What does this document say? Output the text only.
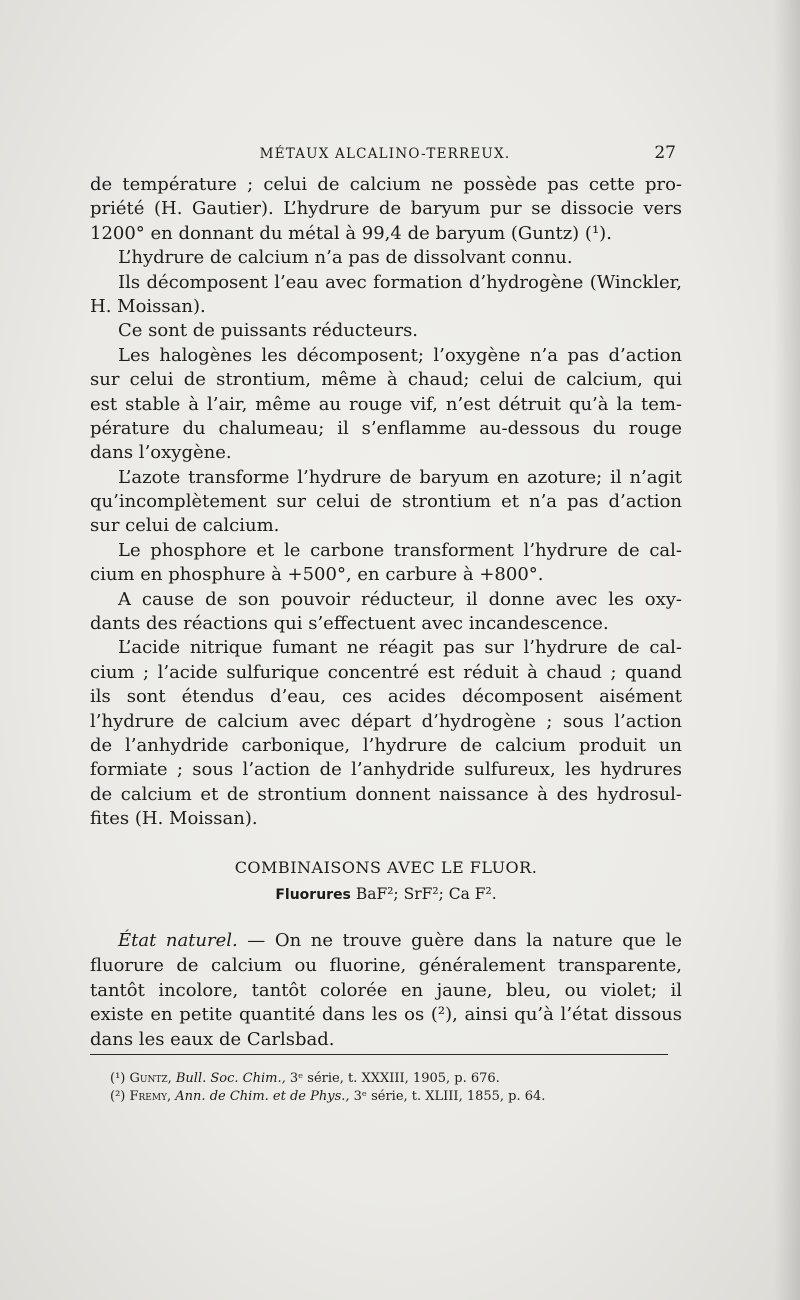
MÉTAUX ALCALINO-TERREUX.	27
de température ; celui de calcium ne possède pas cette pro-
priété (H. Gautier). L’hydrure de baryum pur se dissocie vers
1200° en donnant du métal à 99,4 de baryum (Guntz) (¹).
L’hydrure de calcium n’a pas de dissolvant connu.
Ils décomposent l’eau avec formation d’hydrogène (Winckler,
H. Moissan).
Ce sont de puissants réducteurs.
Les halogènes les décomposent; l’oxygène n’a pas d’action
sur celui de strontium, même à chaud; celui de calcium, qui
est stable à l’air, même au rouge vif, n’est détruit qu’à la tem-
pérature du chalumeau; il s’enflamme au-dessous du rouge
dans l’oxygène.
L’azote transforme l’hydrure de baryum en azoture; il n’agit
qu’incomplètement sur celui de strontium et n’a pas d’action
sur celui de calcium.
Le phosphore et le carbone transforment l’hydrure de cal-
cium en phosphure à +500°, en carbure à +800°.
A cause de son pouvoir réducteur, il donne avec les oxy-
dants des réactions qui s’effectuent avec incandescence.
L’acide nitrique fumant ne réagit pas sur l’hydrure de cal-
cium ; l’acide sulfurique concentré est réduit à chaud ; quand
ils sont étendus d’eau, ces acides décomposent aisément
l’hydrure de calcium avec départ d’hydrogène ; sous l’action
de l’anhydride carbonique, l’hydrure de calcium produit un
formiate ; sous l’action de l’anhydride sulfureux, les hydrures
de calcium et de strontium donnent naissance à des hydrosul-
fites (H. Moissan).
COMBINAISONS AVEC LE FLUOR.
Fluorures BaF²; SrF²; Ca F².
État naturel. — On ne trouve guère dans la nature que le
fluorure de calcium ou fluorine, généralement transparente,
tantôt incolore, tantôt colorée en jaune, bleu, ou violet; il
existe en petite quantité dans les os (²), ainsi qu’à l’état dissous
dans les eaux de Carlsbad.
(¹) Guntz, Bull. Soc. Chim., 3ᵉ série, t. XXXIII, 1905, p. 676.
(²) Fremy, Ann. de Chim. et de Phys., 3ᵉ série, t. XLIII, 1855, p. 64.
